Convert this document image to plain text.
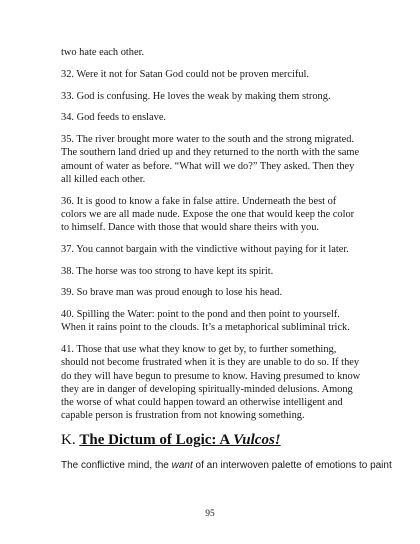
two hate each other.

32. Were it not for Satan God could not be proven merciful.

33. God is confusing. He loves the weak by making them strong.

34. God feeds to enslave.

35. The river brought more water to the south and the strong migrated. The southern land dried up and they returned to the north with the same amount of water as before. “What will we do?” They asked. Then they all killed each other.

36. It is good to know a fake in false attire. Underneath the best of colors we are all made nude. Expose the one that would keep the color to himself. Dance with those that would share theirs with you.

37. You cannot bargain with the vindictive without paying for it later.

38. The horse was too strong to have kept its spirit.

39. So brave man was proud enough to lose his head.

40. Spilling the Water: point to the pond and then point to yourself. When it rains point to the clouds. It’s a metaphorical subliminal trick.

41. Those that use what they know to get by, to further something, should not become frustrated when it is they are unable to do so. If they do they will have begun to presume to know. Having presumed to know they are in danger of developing spiritually-minded delusions. Among the worse of what could happen toward an otherwise intelligent and capable person is frustration from not knowing something.

K. The Dictum of Logic: A Vulcos!

The conflictive mind, the want of an interwoven palette of emotions to paint

95
